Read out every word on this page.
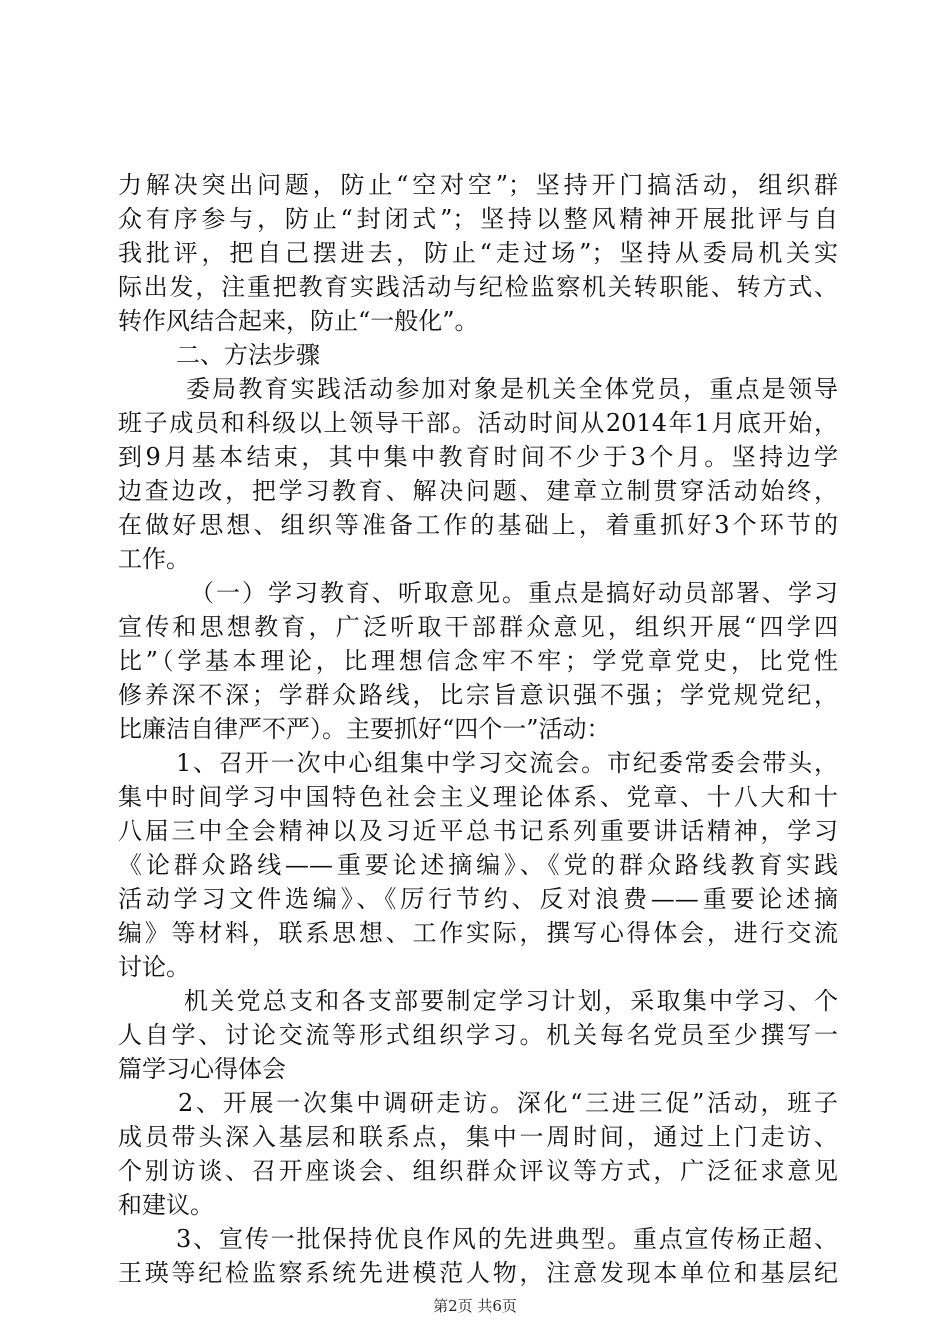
力解决突出问题，防止“空对空”；坚持开门搞活动，组织群
众有序参与，防止“封闭式”；坚持以整风精神开展批评与自
我批评，把自己摆进去，防止“走过场”；坚持从委局机关实
际出发，注重把教育实践活动与纪检监察机关转职能、转方式、
转作风结合起来，防止“一般化”。
二、方法步骤
委局教育实践活动参加对象是机关全体党员，重点是领导
班子成员和科级以上领导干部。活动时间从2014年1月底开始，
到9月基本结束，其中集中教育时间不少于3个月。坚持边学
边查边改，把学习教育、解决问题、建章立制贯穿活动始终，
在做好思想、组织等准备工作的基础上，着重抓好3个环节的
工作。
（一）学习教育、听取意见。重点是搞好动员部署、学习
宣传和思想教育，广泛听取干部群众意见，组织开展“四学四
比”（学基本理论，比理想信念牢不牢；学党章党史，比党性
修养深不深；学群众路线，比宗旨意识强不强；学党规党纪，
比廉洁自律严不严）。主要抓好“四个一”活动：
1、召开一次中心组集中学习交流会。市纪委常委会带头，
集中时间学习中国特色社会主义理论体系、党章、十八大和十
八届三中全会精神以及习近平总书记系列重要讲话精神，学习
《论群众路线——重要论述摘编》、《党的群众路线教育实践
活动学习文件选编》、《厉行节约、反对浪费——重要论述摘
编》等材料，联系思想、工作实际，撰写心得体会，进行交流
讨论。
机关党总支和各支部要制定学习计划，采取集中学习、个
人自学、讨论交流等形式组织学习。机关每名党员至少撰写一
篇学习心得体会
2、开展一次集中调研走访。深化“三进三促”活动，班子
成员带头深入基层和联系点，集中一周时间，通过上门走访、
个别访谈、召开座谈会、组织群众评议等方式，广泛征求意见
和建议。
3、宣传一批保持优良作风的先进典型。重点宣传杨正超、
王瑛等纪检监察系统先进模范人物，注意发现本单位和基层纪
第2页 共6页
